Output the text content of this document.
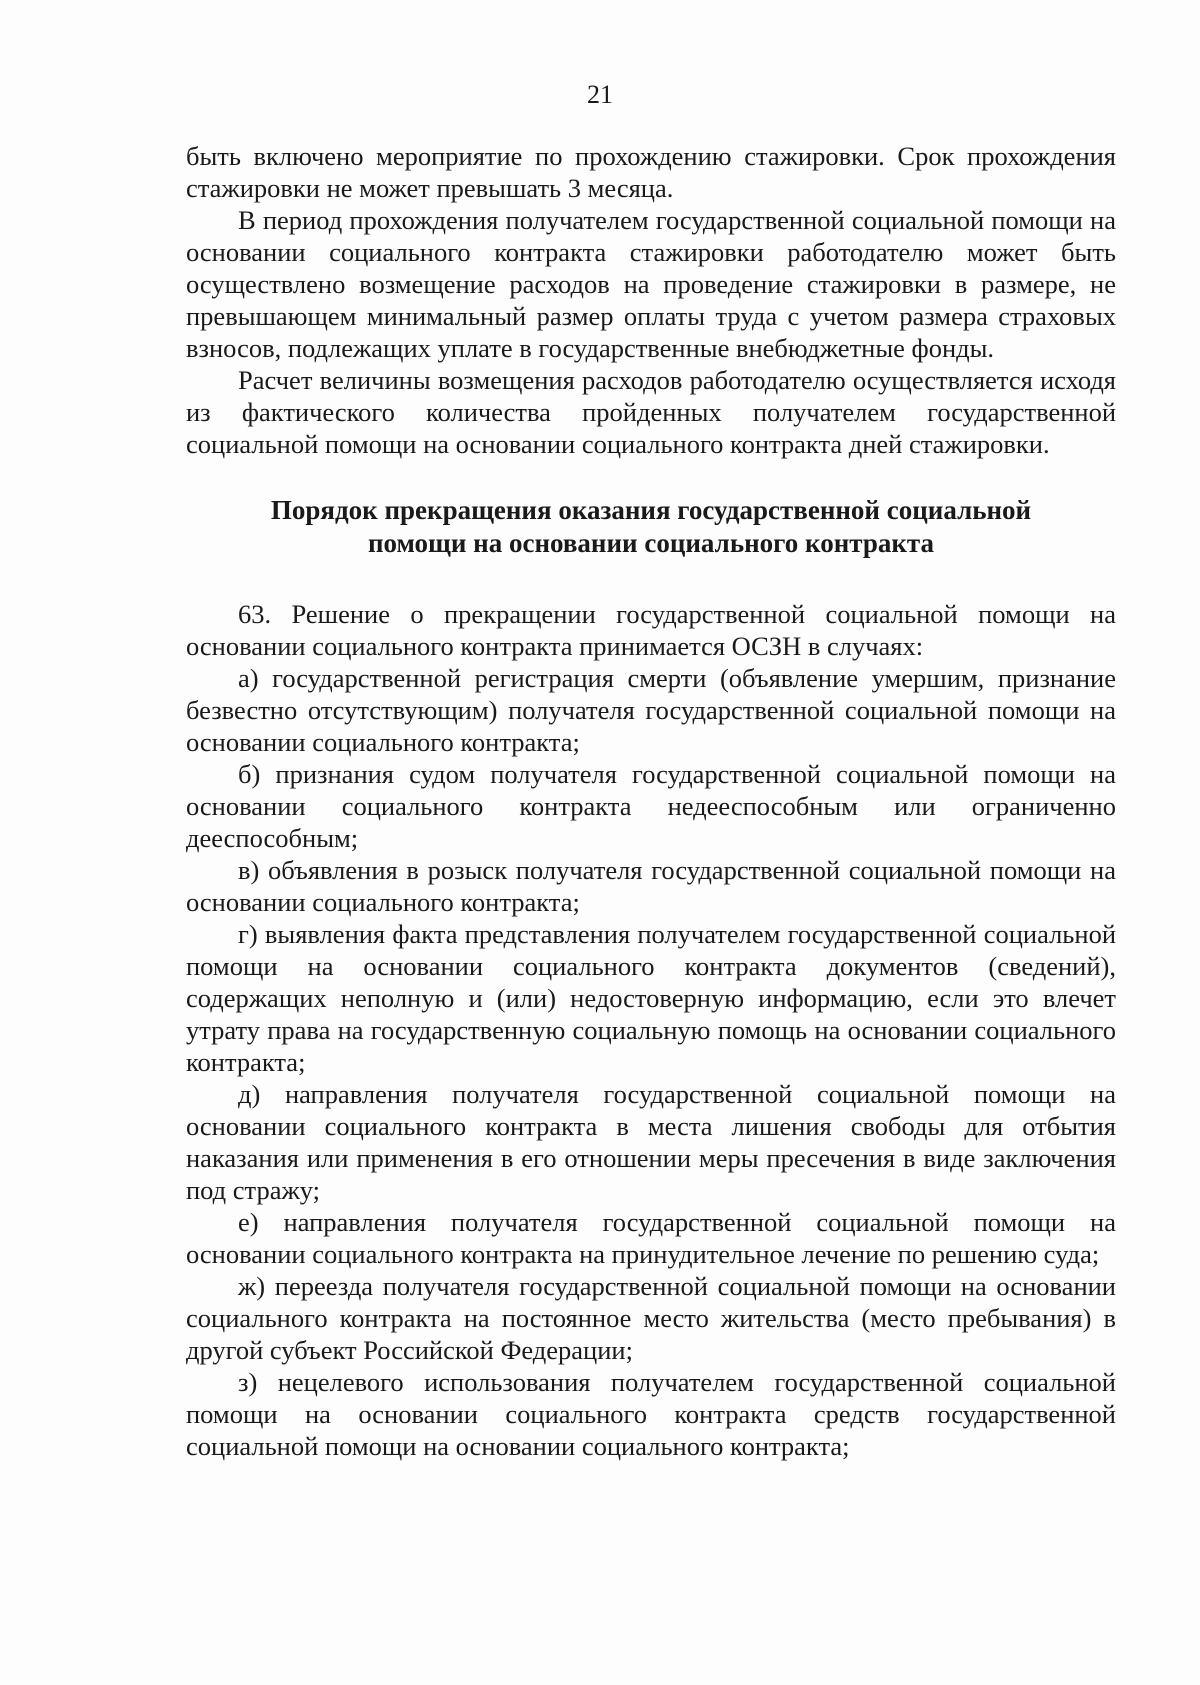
21

быть включено мероприятие по прохождению стажировки. Срок прохождения стажировки не может превышать 3 месяца.

В период прохождения получателем государственной социальной помощи на основании социального контракта стажировки работодателю может быть осуществлено возмещение расходов на проведение стажировки в размере, не превышающем минимальный размер оплаты труда с учетом размера страховых взносов, подлежащих уплате в государственные внебюджетные фонды.

Расчет величины возмещения расходов работодателю осуществляется исходя из фактического количества пройденных получателем государственной социальной помощи на основании социального контракта дней стажировки.

Порядок прекращения оказания государственной социальной
помощи на основании социального контракта

63. Решение о прекращении государственной социальной помощи на основании социального контракта принимается ОСЗН в случаях:

а) государственной регистрация смерти (объявление умершим, признание безвестно отсутствующим) получателя государственной социальной помощи на основании социального контракта;

б) признания судом получателя государственной социальной помощи на основании социального контракта недееспособным или ограниченно дееспособным;

в) объявления в розыск получателя государственной социальной помощи на основании социального контракта;

г) выявления факта представления получателем государственной социальной помощи на основании социального контракта документов (сведений), содержащих неполную и (или) недостоверную информацию, если это влечет утрату права на государственную социальную помощь на основании социального контракта;

д) направления получателя государственной социальной помощи на основании социального контракта в места лишения свободы для отбытия наказания или применения в его отношении меры пресечения в виде заключения под стражу;

е) направления получателя государственной социальной помощи на основании социального контракта на принудительное лечение по решению суда;

ж) переезда получателя государственной социальной помощи на основании социального контракта на постоянное место жительства (место пребывания) в другой субъект Российской Федерации;

з) нецелевого использования получателем государственной социальной помощи на основании социального контракта средств государственной социальной помощи на основании социального контракта;
